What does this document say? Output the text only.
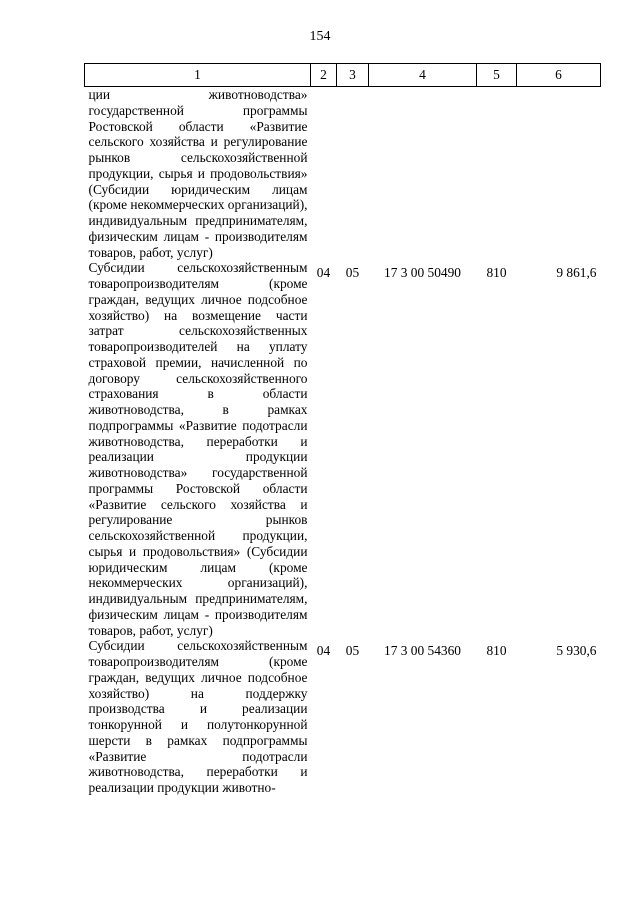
154
1	2	3	4	5	6

ции животноводства» государственной программы Ростовской области «Развитие сельского хозяйства и регулирование рынков сельскохозяйственной продукции, сырья и продовольствия» (Субсидии юридическим лицам (кроме некоммерческих организаций), индивидуальным предпринимателям, физическим лицам - производителям товаров, работ, услуг)					

Субсидии сельскохозяйственным товаропроизводителям (кроме граждан, ведущих личное подсобное хозяйство) на возмещение части затрат сельскохозяйственных товаропроизводителей на уплату страховой премии, начисленной по договору сельскохозяйственного страхования в области животноводства, в рамках подпрограммы «Развитие подотрасли животноводства, переработки и реализации продукции животноводства» государственной программы Ростовской области «Развитие сельского хозяйства и регулирование рынков сельскохозяйственной продукции, сырья и продовольствия» (Субсидии юридическим лицам (кроме некоммерческих организаций), индивидуальным предпринимателям, физическим лицам - производителям товаров, работ, услуг)	04	05	17 3 00 50490	810	9 861,6

Субсидии сельскохозяйственным товаропроизводителям (кроме граждан, ведущих личное подсобное хозяйство) на поддержку производства и реализации тонкорунной и полутонкорунной шерсти в рамках подпрограммы «Развитие подотрасли животноводства, переработки и реализации продукции животно-	04	05	17 3 00 54360	810	5 930,6
